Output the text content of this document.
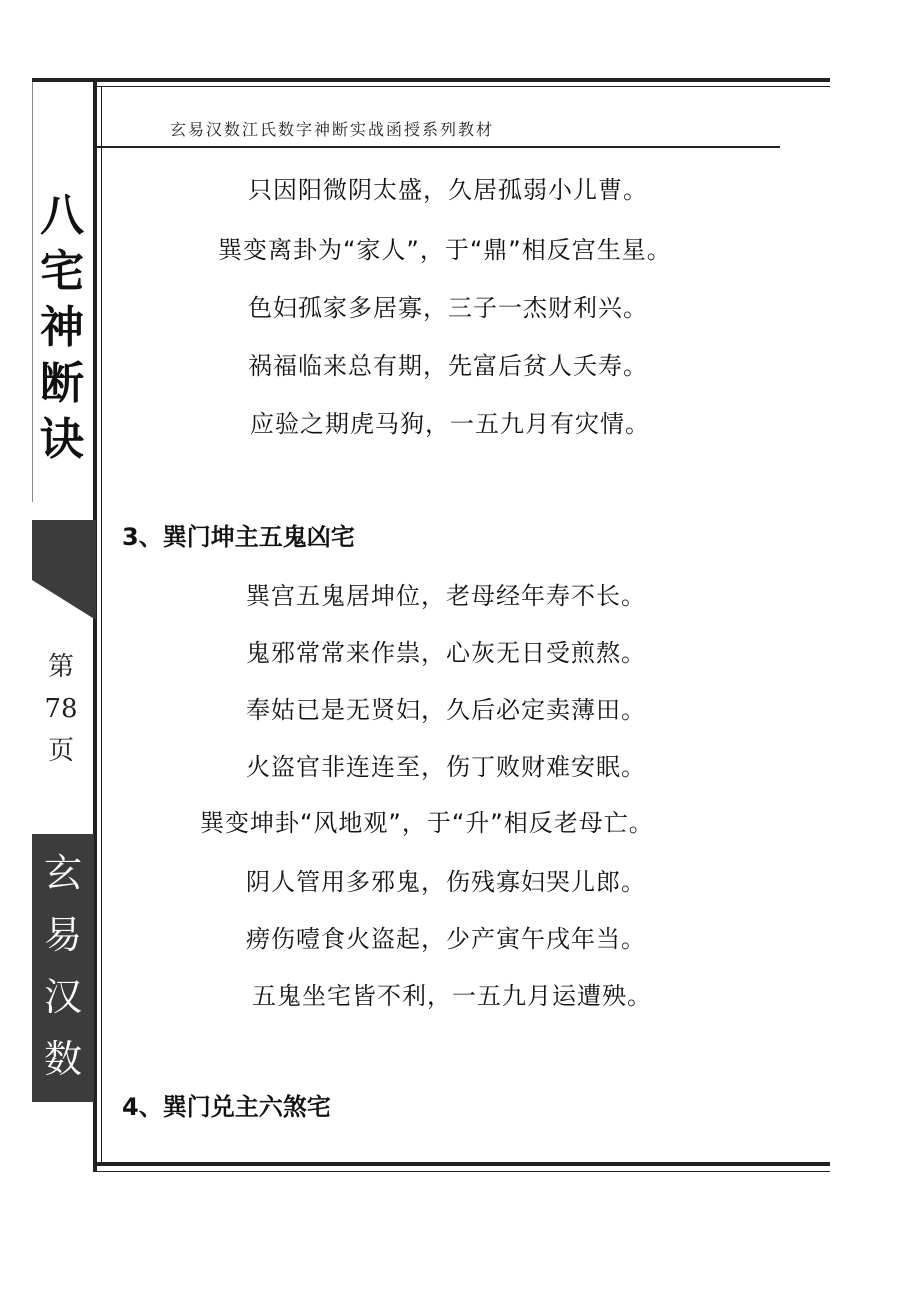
玄易汉数江氏数字神断实战函授系列教材
八
宅
神
断
诀
第
78
页
玄
易
汉
数
只因阳微阴太盛，久居孤弱小儿曹。
巽变离卦为“家人”，于“鼎”相反宫生星。
色妇孤家多居寡，三子一杰财利兴。
祸福临来总有期，先富后贫人夭寿。
应验之期虎马狗，一五九月有灾情。
3、巽门坤主五鬼凶宅
巽宫五鬼居坤位，老母经年寿不长。
鬼邪常常来作祟，心灰无日受煎熬。
奉姑已是无贤妇，久后必定卖薄田。
火盗官非连连至，伤丁败财难安眠。
巽变坤卦“风地观”，于“升”相反老母亡。
阴人管用多邪鬼，伤残寡妇哭儿郎。
痨伤噎食火盗起，少产寅午戌年当。
五鬼坐宅皆不利，一五九月运遭殃。
4、巽门兑主六煞宅
